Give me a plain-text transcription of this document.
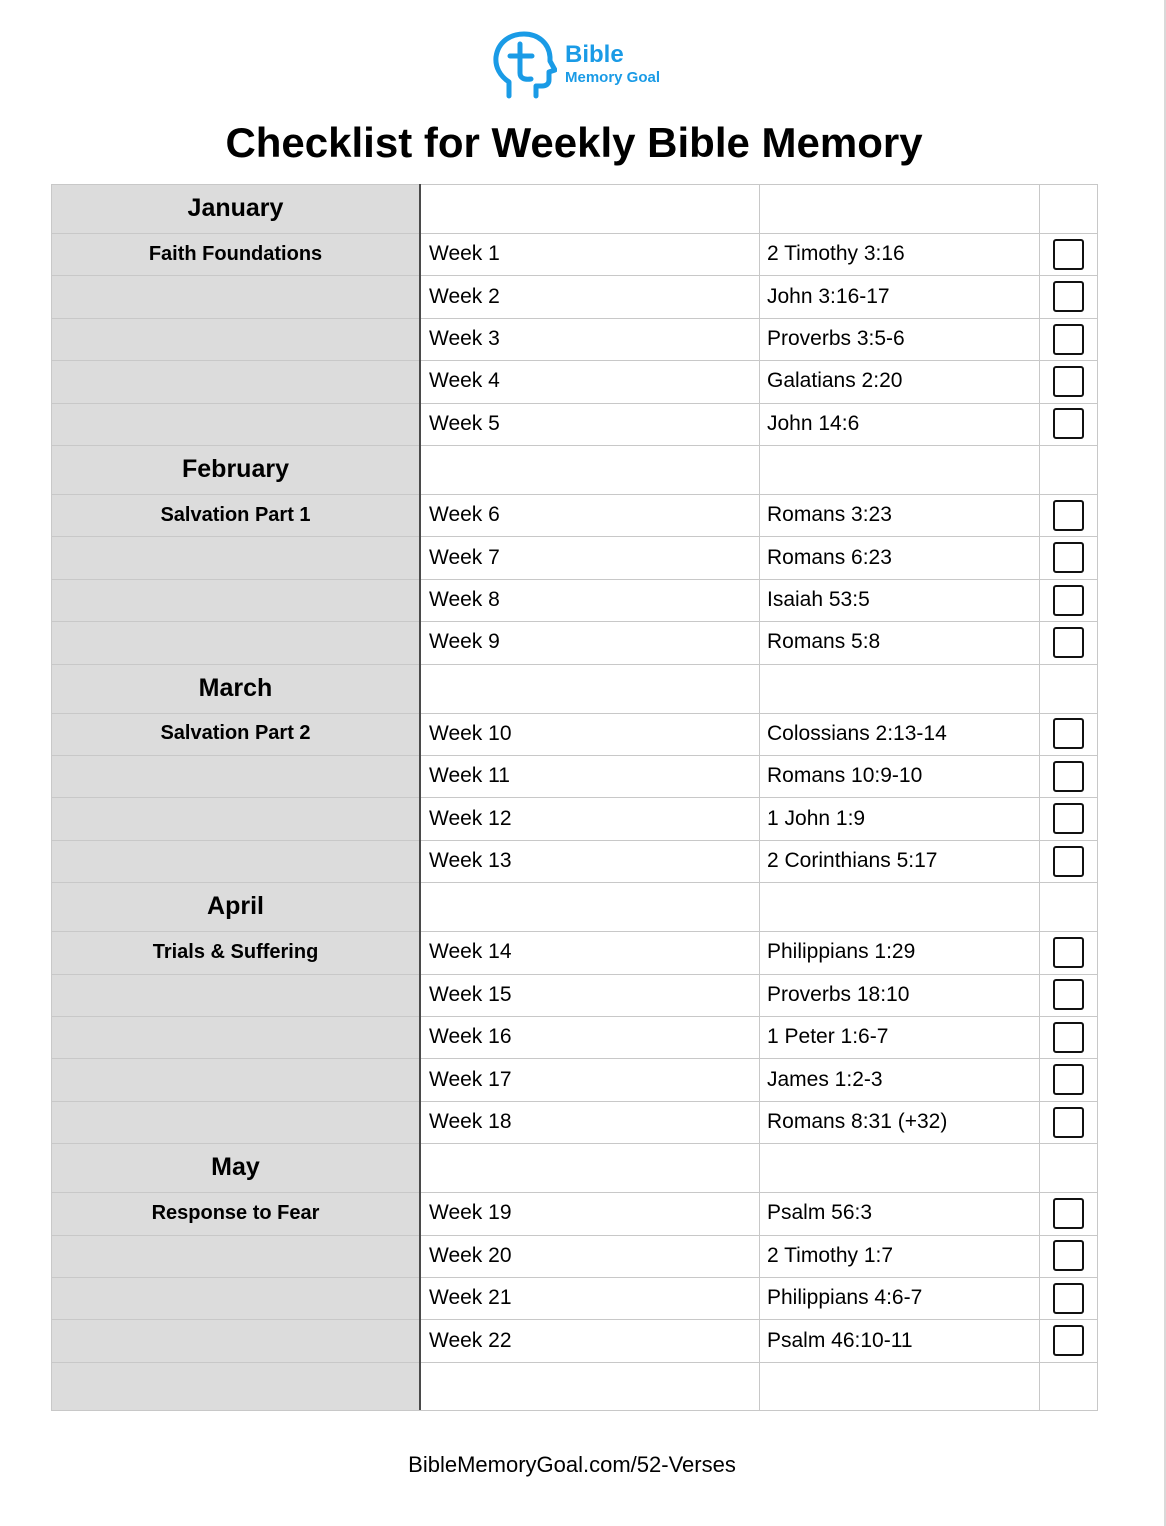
Bible
Memory Goal
Checklist for Weekly Bible Memory
January
Faith Foundations	Week 1	2 Timothy 3:16
Week 2	John 3:16-17
Week 3	Proverbs 3:5-6
Week 4	Galatians 2:20
Week 5	John 14:6
February
Salvation Part 1	Week 6	Romans 3:23
Week 7	Romans 6:23
Week 8	Isaiah 53:5
Week 9	Romans 5:8
March
Salvation Part 2	Week 10	Colossians 2:13-14
Week 11	Romans 10:9-10
Week 12	1 John 1:9
Week 13	2 Corinthians 5:17
April
Trials & Suffering	Week 14	Philippians 1:29
Week 15	Proverbs 18:10
Week 16	1 Peter 1:6-7
Week 17	James 1:2-3
Week 18	Romans 8:31 (+32)
May
Response to Fear	Week 19	Psalm 56:3
Week 20	2 Timothy 1:7
Week 21	Philippians 4:6-7
Week 22	Psalm 46:10-11
BibleMemoryGoal.com/52-Verses
